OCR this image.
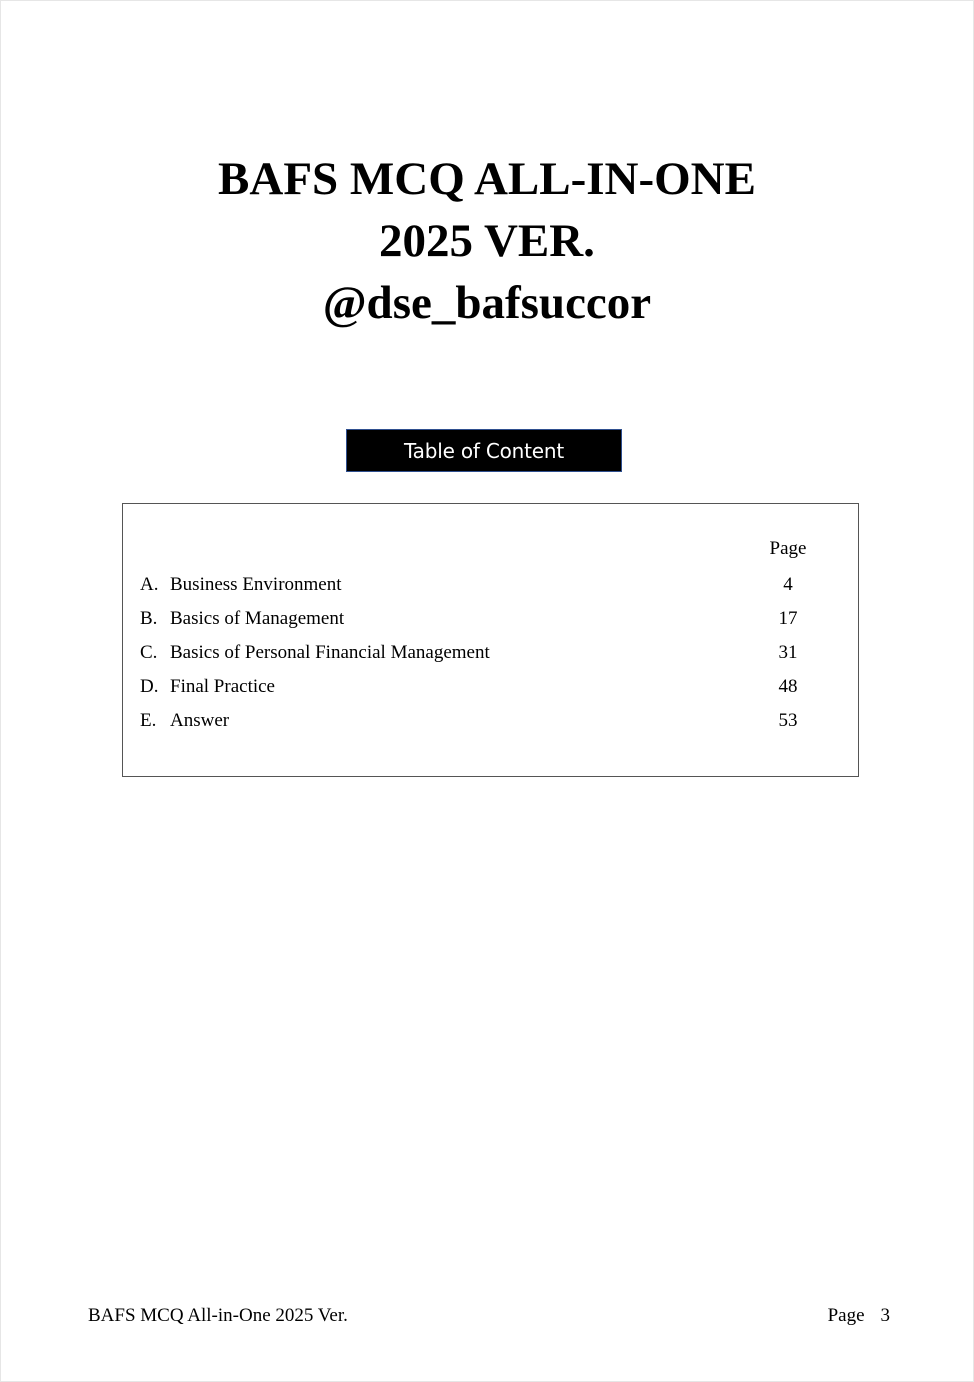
BAFS MCQ ALL-IN-ONE

2025 VER.

@dse_bafsuccor

Table of Content
Page
A. Business Environment	4
B. Basics of Management	17
C. Basics of Personal Financial Management	31
D. Final Practice	48
E. Answer	53
BAFS MCQ All-in-One 2025 Ver.	Page 3
